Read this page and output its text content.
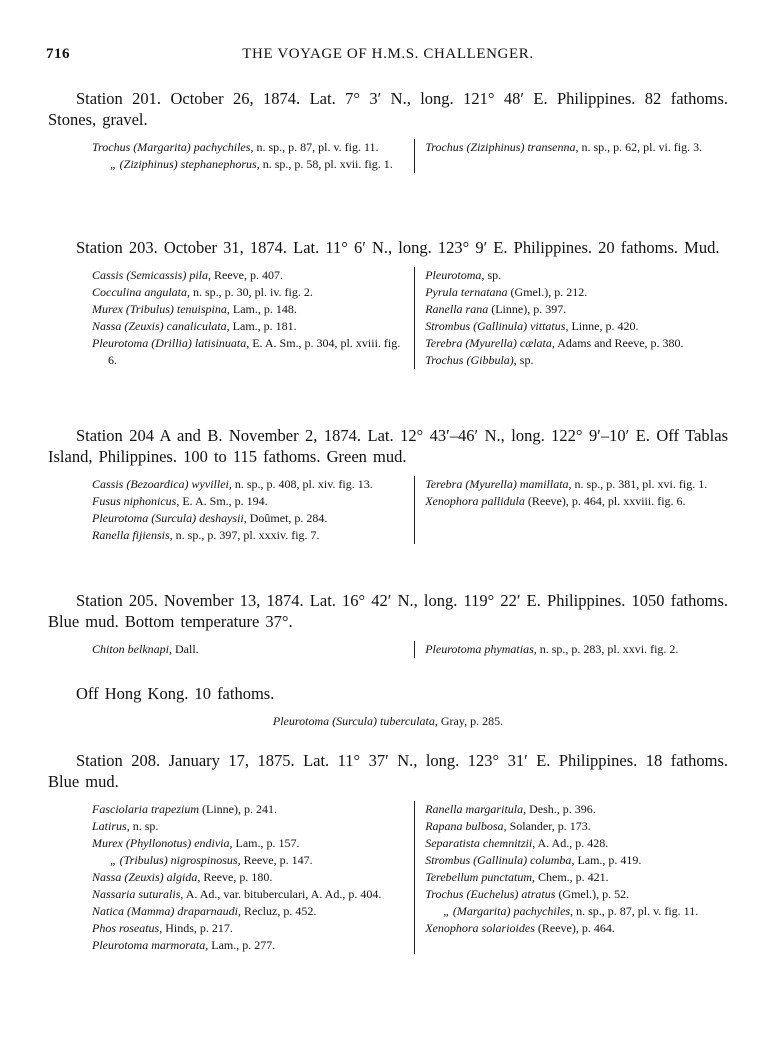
716	THE VOYAGE OF H.M.S. CHALLENGER.
Station 201. October 26, 1874. Lat. 7° 3′ N., long. 121° 48′ E. Philippines. 82 fathoms. Stones, gravel.
Trochus (Margarita) pachychiles, n. sp., p. 87, pl. v. fig. 11.
„ (Ziziphinus) stephanephorus, n. sp., p. 58, pl. xvii. fig. 1.
Trochus (Ziziphinus) transenna, n. sp., p. 62, pl. vi. fig. 3.
Station 203. October 31, 1874. Lat. 11° 6′ N., long. 123° 9′ E. Philippines. 20 fathoms. Mud.
Cassis (Semicassis) pila, Reeve, p. 407.
Cocculina angulata, n. sp., p. 30, pl. iv. fig. 2.
Murex (Tribulus) tenuispina, Lam., p. 148.
Nassa (Zeuxis) canaliculata, Lam., p. 181.
Pleurotoma (Drillia) latisinuata, E. A. Sm., p. 304, pl. xviii. fig. 6.
Pleurotoma, sp.
Pyrula ternatana (Gmel.), p. 212.
Ranella rana (Linne), p. 397.
Strombus (Gallinula) vittatus, Linne, p. 420.
Terebra (Myurella) cælata, Adams and Reeve, p. 380.
Trochus (Gibbula), sp.
Station 204 A and B. November 2, 1874. Lat. 12° 43′–46′ N., long. 122° 9′–10′ E. Off Tablas Island, Philippines. 100 to 115 fathoms. Green mud.
Cassis (Bezoardica) wyvillei, n. sp., p. 408, pl. xiv. fig. 13.
Fusus niphonicus, E. A. Sm., p. 194.
Pleurotoma (Surcula) deshaysii, Doûmet, p. 284.
Ranella fijiensis, n. sp., p. 397, pl. xxxiv. fig. 7.
Terebra (Myurella) mamillata, n. sp., p. 381, pl. xvi. fig. 1.
Xenophora pallidula (Reeve), p. 464, pl. xxviii. fig. 6.
Station 205. November 13, 1874. Lat. 16° 42′ N., long. 119° 22′ E. Philippines. 1050 fathoms. Blue mud. Bottom temperature 37°.
Chiton belknapi, Dall.	Pleurotoma phymatias, n. sp., p. 283, pl. xxvi. fig. 2.
Off Hong Kong. 10 fathoms.
Pleurotoma (Surcula) tuberculata, Gray, p. 285.
Station 208. January 17, 1875. Lat. 11° 37′ N., long. 123° 31′ E. Philippines. 18 fathoms. Blue mud.
Fasciolaria trapezium (Linne), p. 241.
Latirus, n. sp.
Murex (Phyllonotus) endivia, Lam., p. 157.
„ (Tribulus) nigrospinosus, Reeve, p. 147.
Nassa (Zeuxis) algida, Reeve, p. 180.
Nassaria suturalis, A. Ad., var. bituberculari, A. Ad., p. 404.
Natica (Mamma) draparnaudi, Recluz, p. 452.
Phos roseatus, Hinds, p. 217.
Pleurotoma marmorata, Lam., p. 277.
Ranella margaritula, Desh., p. 396.
Rapana bulbosa, Solander, p. 173.
Separatista chemnitzii, A. Ad., p. 428.
Strombus (Gallinula) columba, Lam., p. 419.
Terebellum punctatum, Chem., p. 421.
Trochus (Euchelus) atratus (Gmel.), p. 52.
„ (Margarita) pachychiles, n. sp., p. 87, pl. v. fig. 11.
Xenophora solarioides (Reeve), p. 464.
